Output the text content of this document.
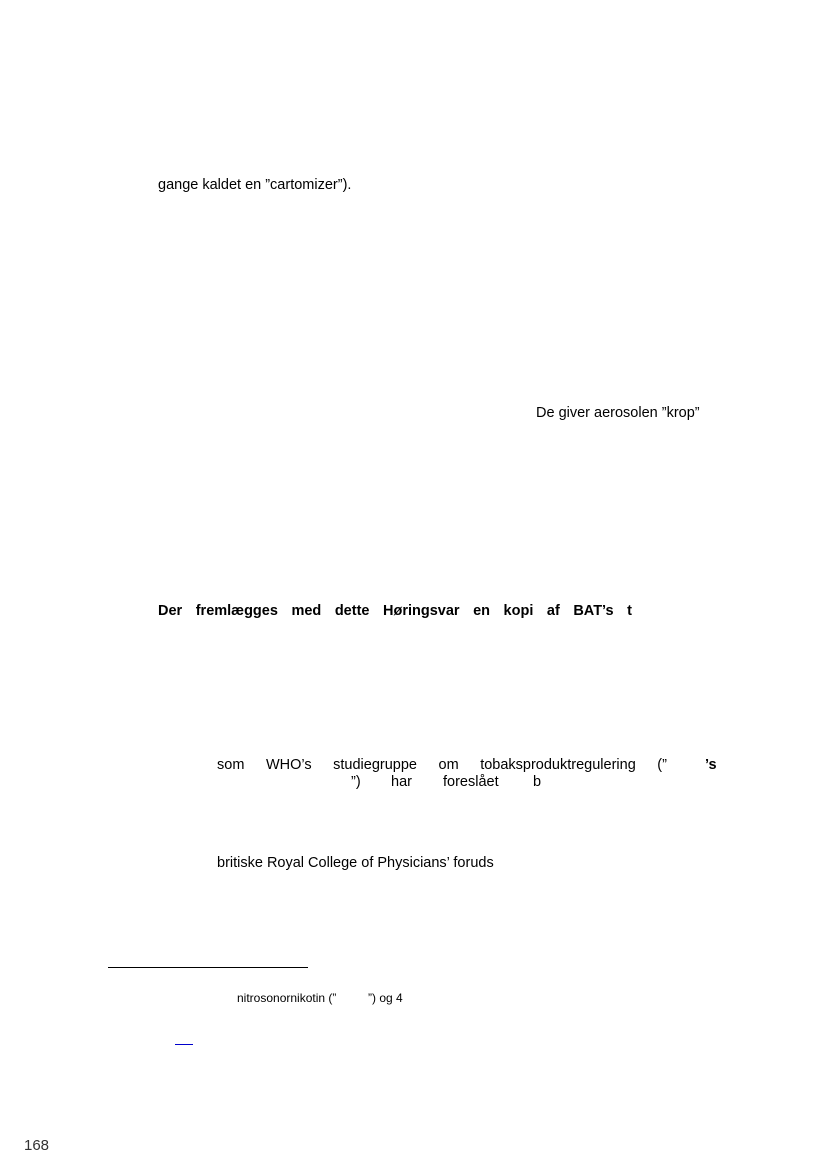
gange kaldet en ”cartomizer”).
De giver aerosolen ”krop”
Der fremlægges med dette Høringsvar en kopi af BAT’s t
som WHO’s studiegruppe om tobaksproduktregulering (”	’s
”) har foreslået b
britiske Royal College of Physicians’ foruds
nitrosonornikotin (”	”) og 4
168
